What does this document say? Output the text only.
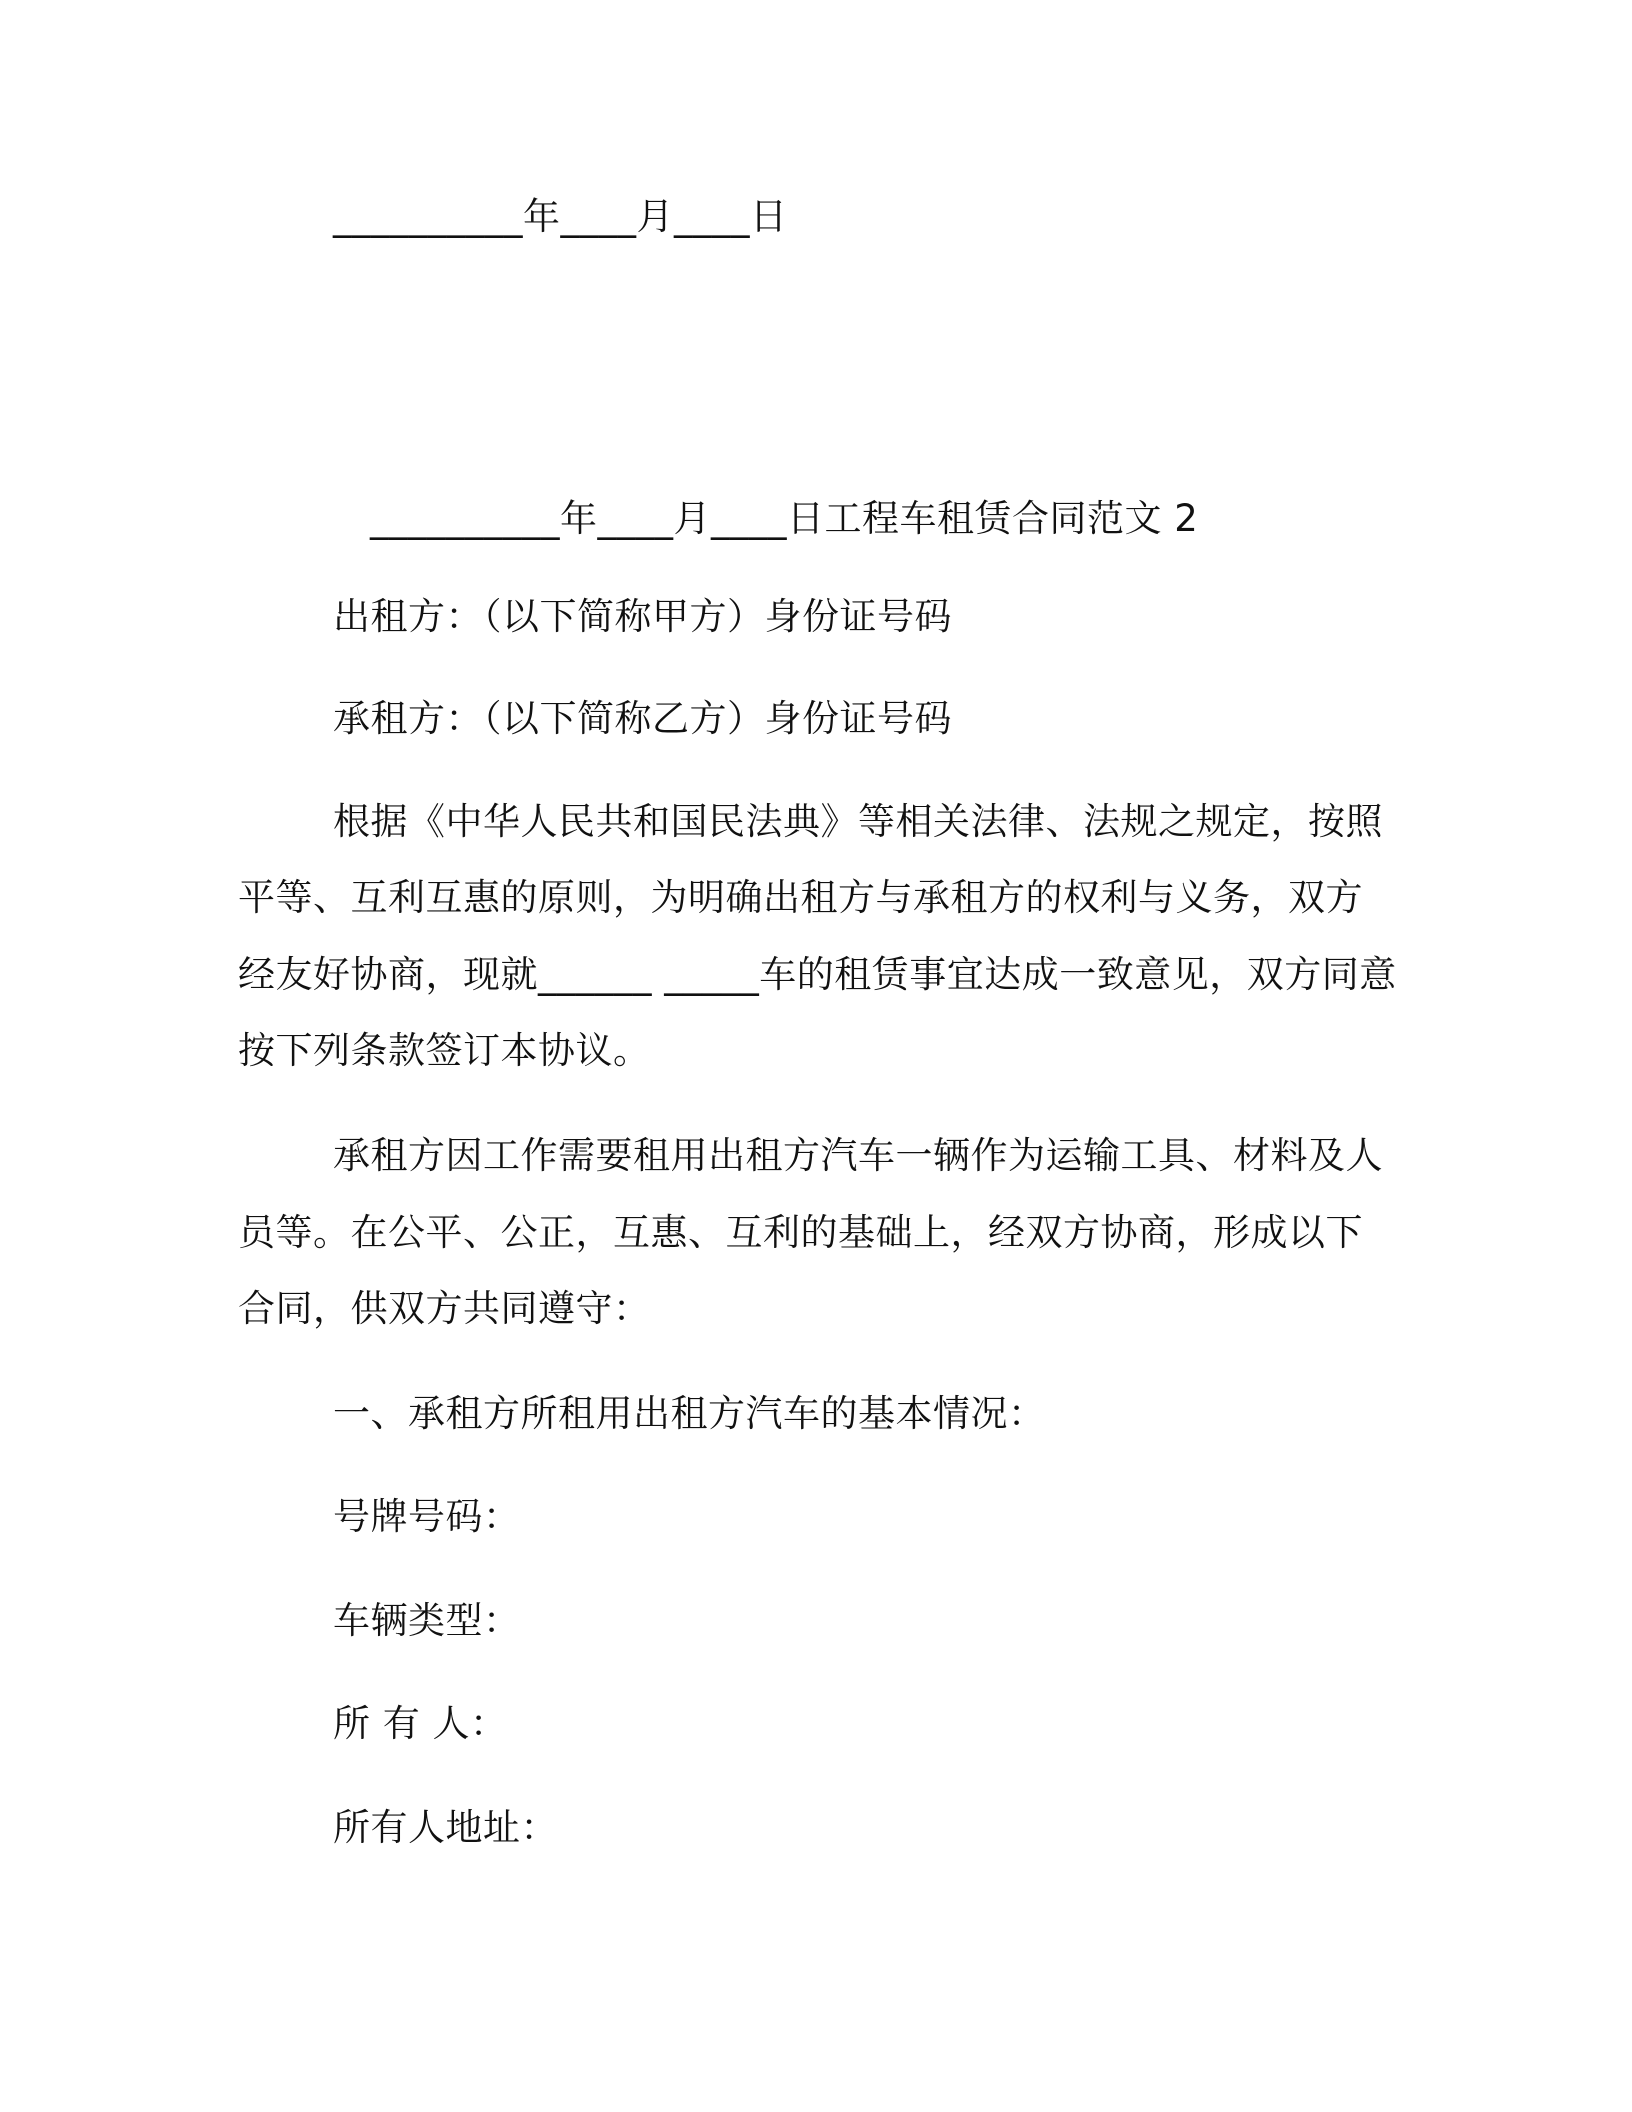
__________年____月____日
__________年____月____日工程车租赁合同范文 2
出租方：（以下简称甲方）身份证号码
承租方：（以下简称乙方）身份证号码
根据《中华人民共和国民法典》等相关法律、法规之规定，按照
平等、互利互惠的原则，为明确出租方与承租方的权利与义务，双方
经友好协商，现就______ _____车的租赁事宜达成一致意见，双方同意
按下列条款签订本协议。
承租方因工作需要租用出租方汽车一辆作为运输工具、材料及人
员等。在公平、公正，互惠、互利的基础上，经双方协商，形成以下
合同，供双方共同遵守：
一、承租方所租用出租方汽车的基本情况：
号牌号码：
车辆类型：
所 有 人：
所有人地址：
